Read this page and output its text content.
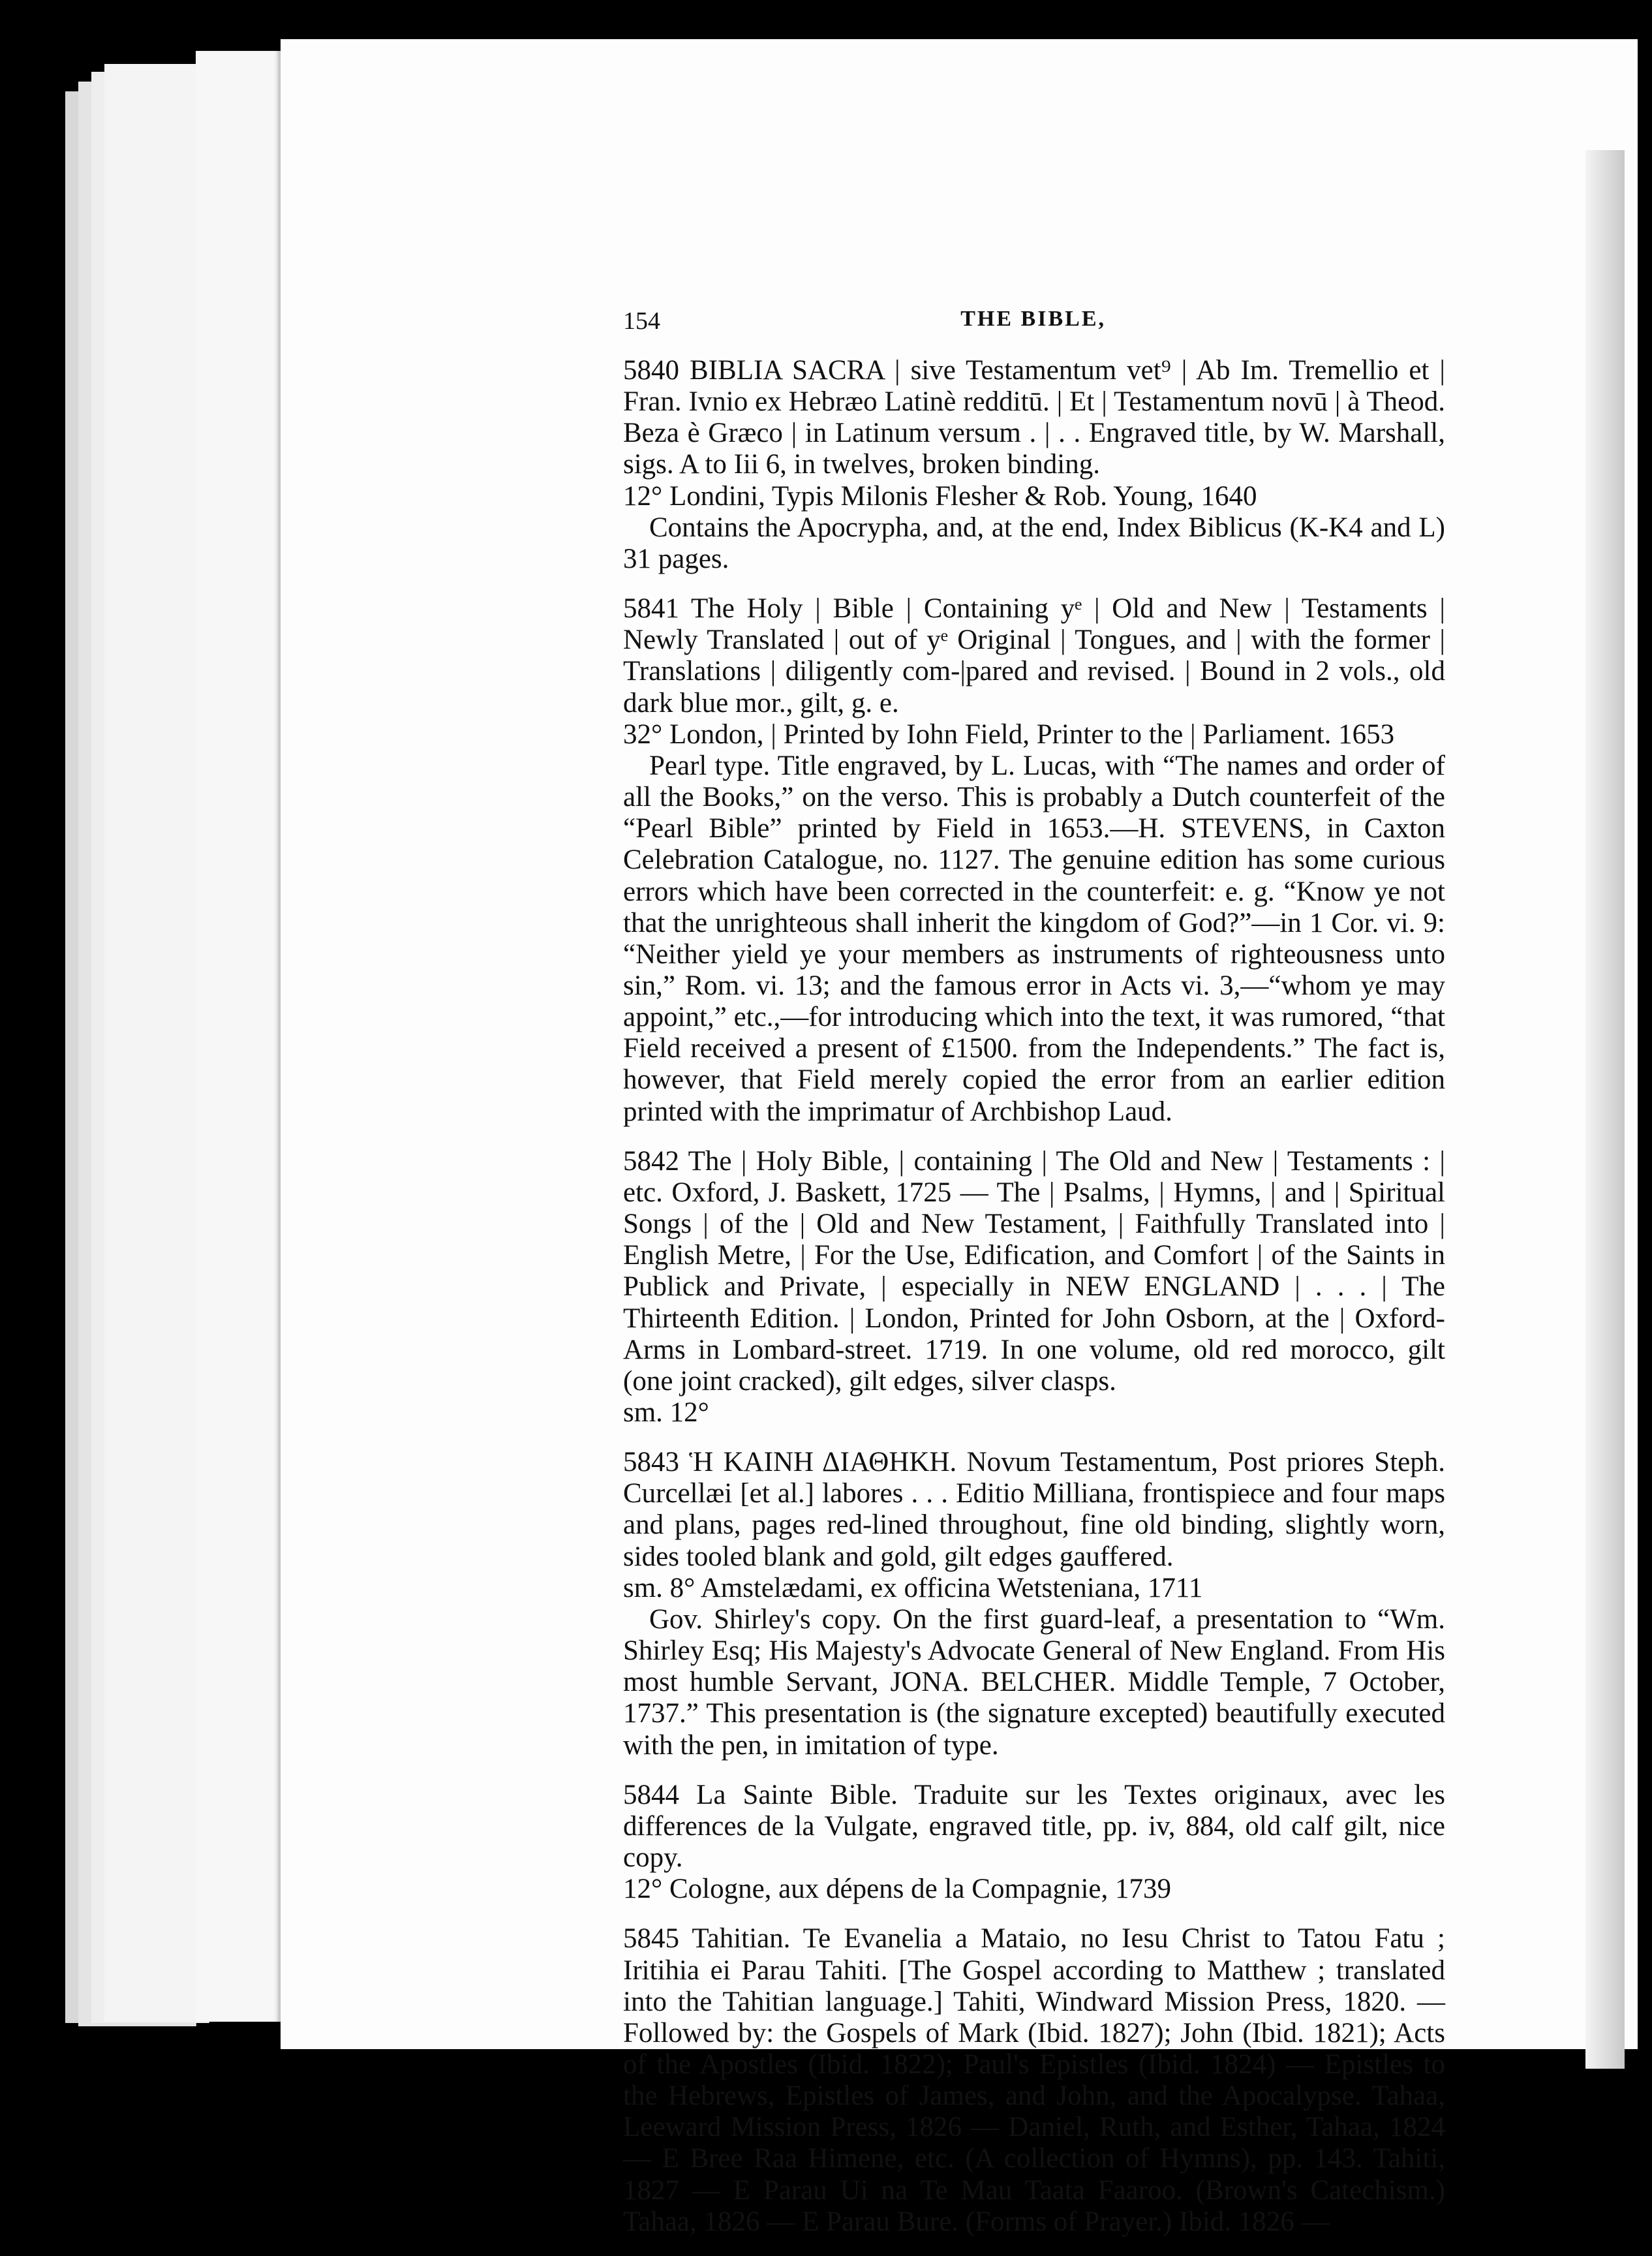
154	THE BIBLE,

5840 BIBLIA SACRA | sive Testamentum vet⁹ | Ab Im. Tremellio et | Fran. Ivnio ex Hebræo Latinè redditū. | Et | Testamentum novū | à Theod. Beza è Græco | in Latinum versum . | . . Engraved title, by W. Marshall, sigs. A to Iii 6, in twelves, broken binding.

12° Londini, Typis Milonis Flesher & Rob. Young, 1640

Contains the Apocrypha, and, at the end, Index Biblicus (K-K4 and L) 31 pages.

5841 The Holy | Bible | Containing yᵉ | Old and New | Testaments | Newly Translated | out of yᵉ Original | Tongues, and | with the former | Translations | diligently com-|pared and revised. | Bound in 2 vols., old dark blue mor., gilt, g. e.

32° London, | Printed by Iohn Field, Printer to the | Parliament. 1653

Pearl type. Title engraved, by L. Lucas, with “The names and order of all the Books,” on the verso. This is probably a Dutch counterfeit of the “Pearl Bible” printed by Field in 1653.—H. STEVENS, in Caxton Celebration Catalogue, no. 1127. The genuine edition has some curious errors which have been corrected in the counterfeit: e. g. “Know ye not that the unrighteous shall inherit the kingdom of God?”—in 1 Cor. vi. 9: “Neither yield ye your members as instruments of righteousness unto sin,” Rom. vi. 13; and the famous error in Acts vi. 3,—“whom ye may appoint,” etc.,—for introducing which into the text, it was rumored, “that Field received a present of £1500. from the Independents.” The fact is, however, that Field merely copied the error from an earlier edition printed with the imprimatur of Archbishop Laud.

5842 The | Holy Bible, | containing | The Old and New | Testaments : | etc. Oxford, J. Baskett, 1725 — The | Psalms, | Hymns, | and | Spiritual Songs | of the | Old and New Testament, | Faithfully Translated into | English Metre, | For the Use, Edification, and Comfort | of the Saints in Publick and Private, | especially in NEW ENGLAND | . . . | The Thirteenth Edition. | London, Printed for John Osborn, at the | Oxford-Arms in Lombard-street. 1719. In one volume, old red morocco, gilt (one joint cracked), gilt edges, silver clasps.

sm. 12°

5843 Ἡ ΚΑΙΝΗ ΔΙΑΘΗΚΗ. Novum Testamentum, Post priores Steph. Curcellæi [et al.] labores . . . Editio Milliana, frontispiece and four maps and plans, pages red-lined throughout, fine old binding, slightly worn, sides tooled blank and gold, gilt edges gauffered.

sm. 8° Amstelædami, ex officina Wetsteniana, 1711

Gov. Shirley's copy. On the first guard-leaf, a presentation to “Wm. Shirley Esq; His Majesty's Advocate General of New England. From His most humble Servant, JONA. BELCHER. Middle Temple, 7 October, 1737.” This presentation is (the signature excepted) beautifully executed with the pen, in imitation of type.

5844 La Sainte Bible. Traduite sur les Textes originaux, avec les differences de la Vulgate, engraved title, pp. iv, 884, old calf gilt, nice copy.

12° Cologne, aux dépens de la Compagnie, 1739

5845 Tahitian. Te Evanelia a Mataio, no Iesu Christ to Tatou Fatu ; Iritihia ei Parau Tahiti. [The Gospel according to Matthew ; translated into the Tahitian language.] Tahiti, Windward Mission Press, 1820. — Followed by: the Gospels of Mark (Ibid. 1827); John (Ibid. 1821); Acts of the Apostles (Ibid. 1822); Paul's Epistles (Ibid. 1824) — Epistles to the Hebrews, Epistles of James, and John, and the Apocalypse. Tahaa, Leeward Mission Press, 1826 — Daniel, Ruth, and Esther, Tahaa, 1824 — E Bree Raa Himene, etc. (A collection of Hymns), pp. 143. Tahiti, 1827 — E Parau Ui na Te Mau Taata Faaroo. (Brown's Catechism.) Tahaa, 1826 — E Parau Bure. (Forms of Prayer.) Ibid. 1826 —
